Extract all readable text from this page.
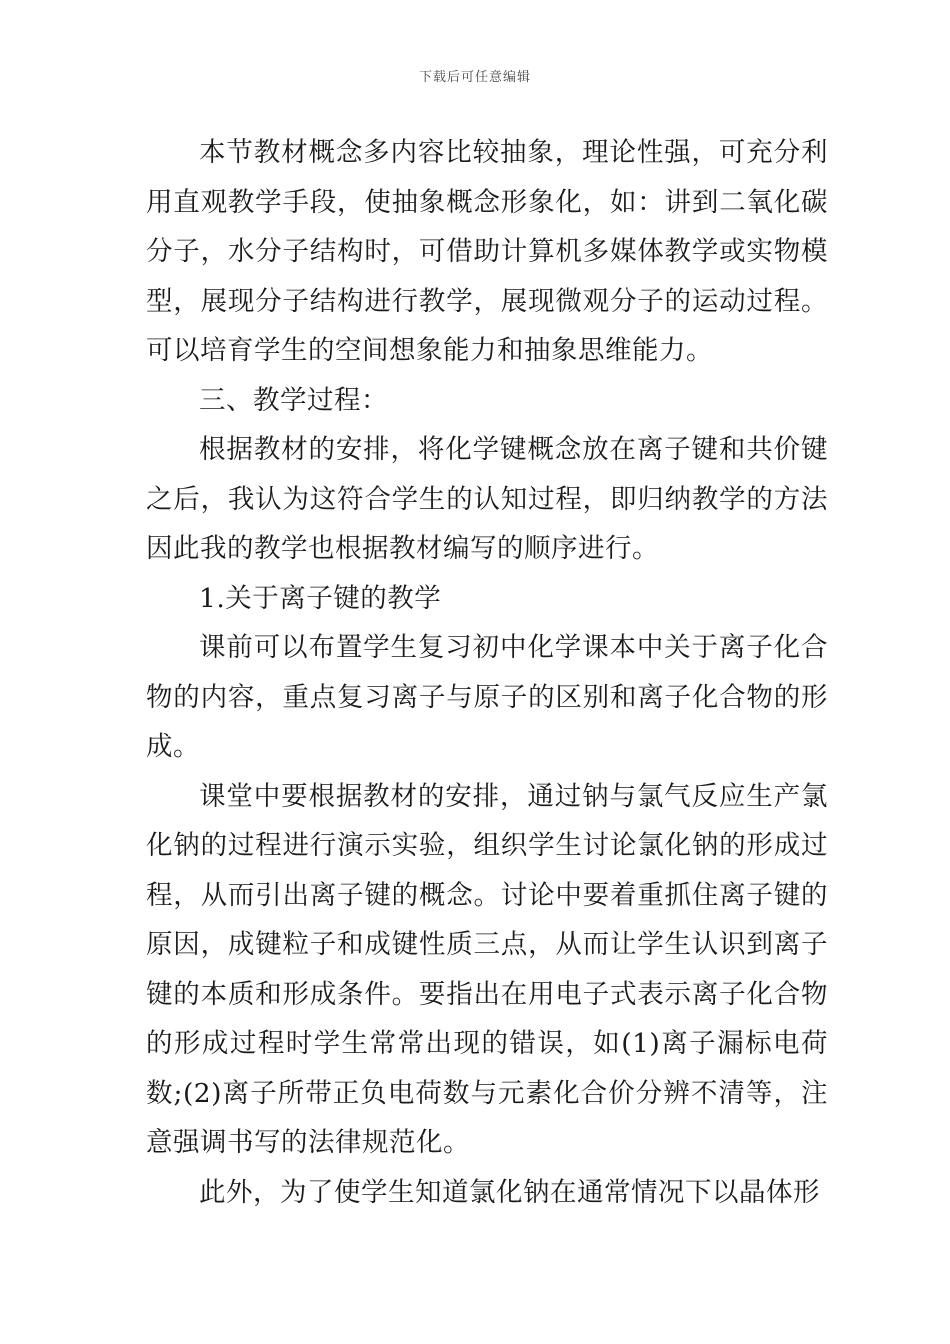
下载后可任意编辑

本节教材概念多内容比较抽象，理论性强，可充分利用直观教学手段，使抽象概念形象化，如：讲到二氧化碳分子，水分子结构时，可借助计算机多媒体教学或实物模型，展现分子结构进行教学，展现微观分子的运动过程。可以培育学生的空间想象能力和抽象思维能力。

三、教学过程：

根据教材的安排，将化学键概念放在离子键和共价键之后，我认为这符合学生的认知过程，即归纳教学的方法因此我的教学也根据教材编写的顺序进行。

1.关于离子键的教学

课前可以布置学生复习初中化学课本中关于离子化合物的内容，重点复习离子与原子的区别和离子化合物的形成。

课堂中要根据教材的安排，通过钠与氯气反应生产氯化钠的过程进行演示实验，组织学生讨论氯化钠的形成过程，从而引出离子键的概念。讨论中要着重抓住离子键的原因，成键粒子和成键性质三点，从而让学生认识到离子键的本质和形成条件。要指出在用电子式表示离子化合物的形成过程时学生常常出现的错误，如(1)离子漏标电荷数;(2)离子所带正负电荷数与元素化合价分辨不清等，注意强调书写的法律规范化。

此外，为了使学生知道氯化钠在通常情况下以晶体形
